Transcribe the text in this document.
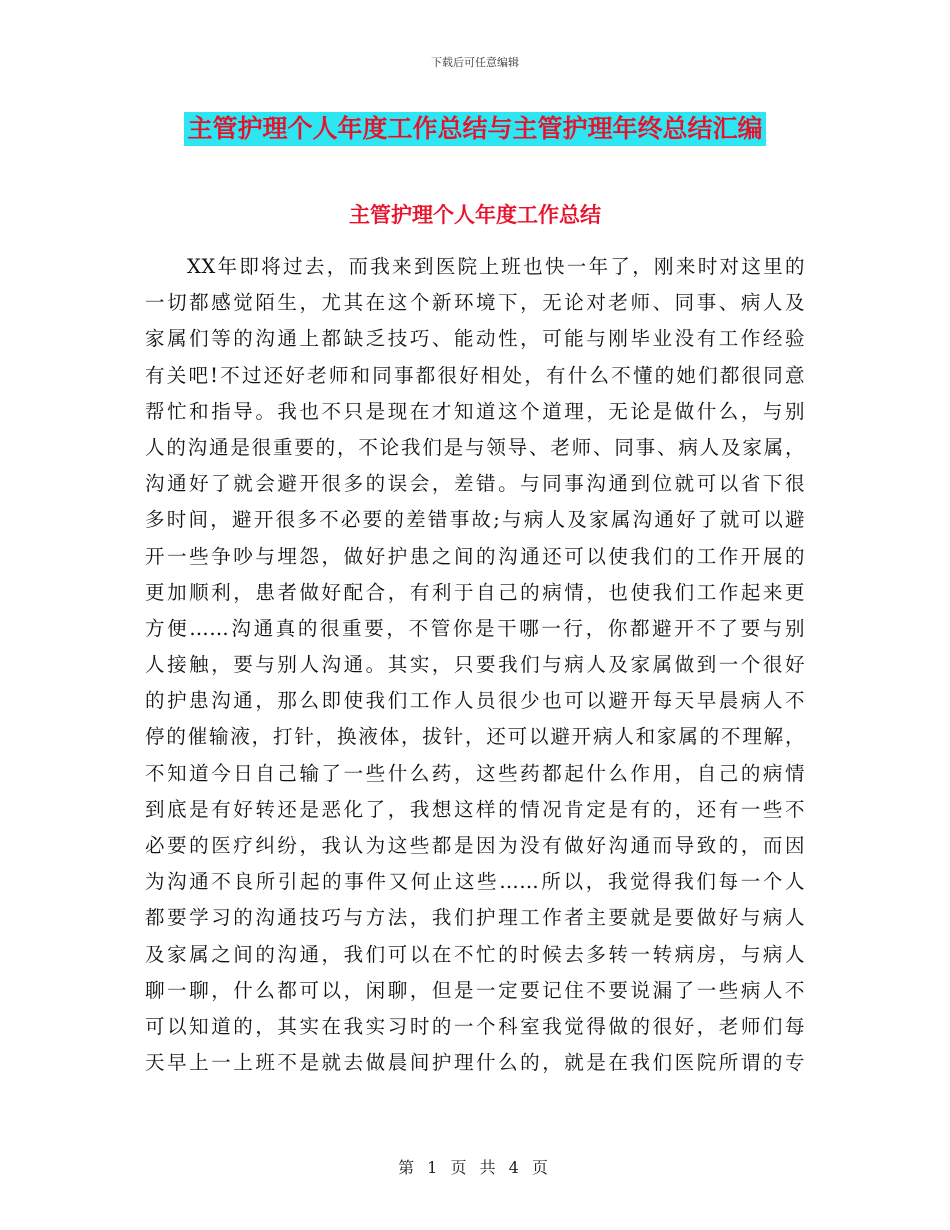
下载后可任意编辑
主管护理个人年度工作总结与主管护理年终总结汇编
主管护理个人年度工作总结
XX年即将过去，而我来到医院上班也快一年了，刚来时对这里的
一切都感觉陌生，尤其在这个新环境下，无论对老师、同事、病人及
家属们等的沟通上都缺乏技巧、能动性，可能与刚毕业没有工作经验
有关吧!不过还好老师和同事都很好相处，有什么不懂的她们都很同意
帮忙和指导。我也不只是现在才知道这个道理，无论是做什么，与别
人的沟通是很重要的，不论我们是与领导、老师、同事、病人及家属，
沟通好了就会避开很多的误会，差错。与同事沟通到位就可以省下很
多时间，避开很多不必要的差错事故;与病人及家属沟通好了就可以避
开一些争吵与埋怨，做好护患之间的沟通还可以使我们的工作开展的
更加顺利，患者做好配合，有利于自己的病情，也使我们工作起来更
方便……沟通真的很重要，不管你是干哪一行，你都避开不了要与别
人接触，要与别人沟通。其实，只要我们与病人及家属做到一个很好
的护患沟通，那么即使我们工作人员很少也可以避开每天早晨病人不
停的催输液，打针，换液体，拔针，还可以避开病人和家属的不理解，
不知道今日自己输了一些什么药，这些药都起什么作用，自己的病情
到底是有好转还是恶化了，我想这样的情况肯定是有的，还有一些不
必要的医疗纠纷，我认为这些都是因为没有做好沟通而导致的，而因
为沟通不良所引起的事件又何止这些……所以，我觉得我们每一个人
都要学习的沟通技巧与方法，我们护理工作者主要就是要做好与病人
及家属之间的沟通，我们可以在不忙的时候去多转一转病房，与病人
聊一聊，什么都可以，闲聊，但是一定要记住不要说漏了一些病人不
可以知道的，其实在我实习时的一个科室我觉得做的很好，老师们每
天早上一上班不是就去做晨间护理什么的，就是在我们医院所谓的专
第 1 页 共 4 页
